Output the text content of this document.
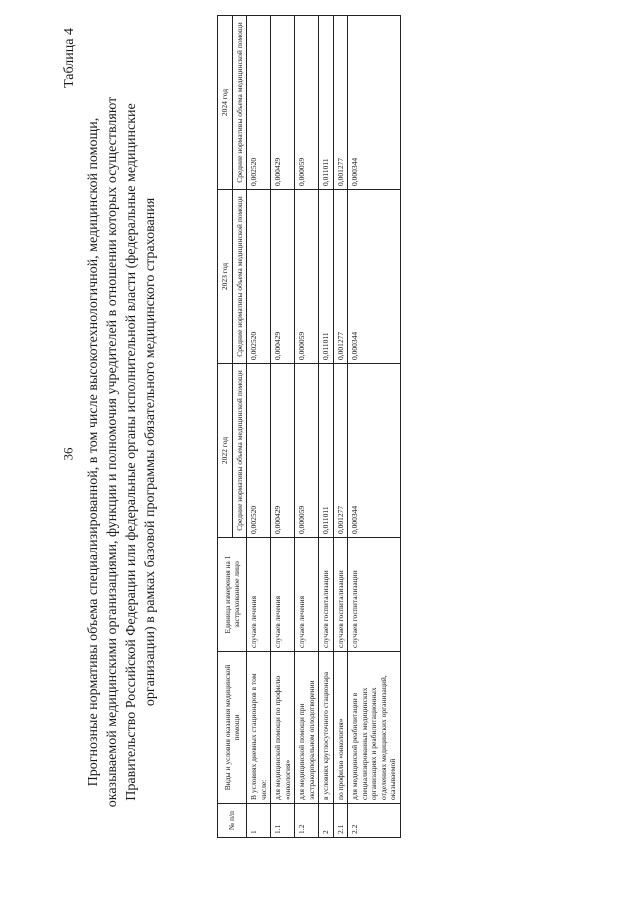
36
Таблица 4
Прогнозные нормативы объема специализированной, в том числе высокотехнологичной, медицинской помощи, оказываемой медицинскими организациями, функции и полномочия учредителей в отношении которых осуществляют Правительство Российской Федерации или федеральные органы исполнительной власти (федеральные медицинские организации) в рамках базовой программы обязательного медицинского страхования
№ п/п	Виды и условия оказания медицинской помощи	Единица измерения на 1 застрахованное лицо	2022 год	2023 год	2024 год
			Средние нормативы объема медицинской помощи	Средние нормативы объема медицинской помощи	Средние нормативы объема медицинской помощи
1	В условиях дневных стационаров в том числе:	случаев лечения	0,002520	0,002520	0,002520
1.1	для медицинской помощи по профилю «онкология»	случаев лечения	0,000429	0,000429	0,000429
1.2	для медицинской помощи при экстракорпоральном оплодотворении	случаев лечения	0,000059	0,000059	0,000059
2	в условиях круглосуточного стационара	случаев госпитализации	0,011011	0,011011	0,011011
2.1	по профилю «онкология»	случаев госпитализации	0,001277	0,001277	0,001277
2.2	для медицинской реабилитации в специализированных медицинских организациях и реабилитационных отделениях медицинских организаций, оказываемой	случаев госпитализации	0,000344	0,000344	0,000344
